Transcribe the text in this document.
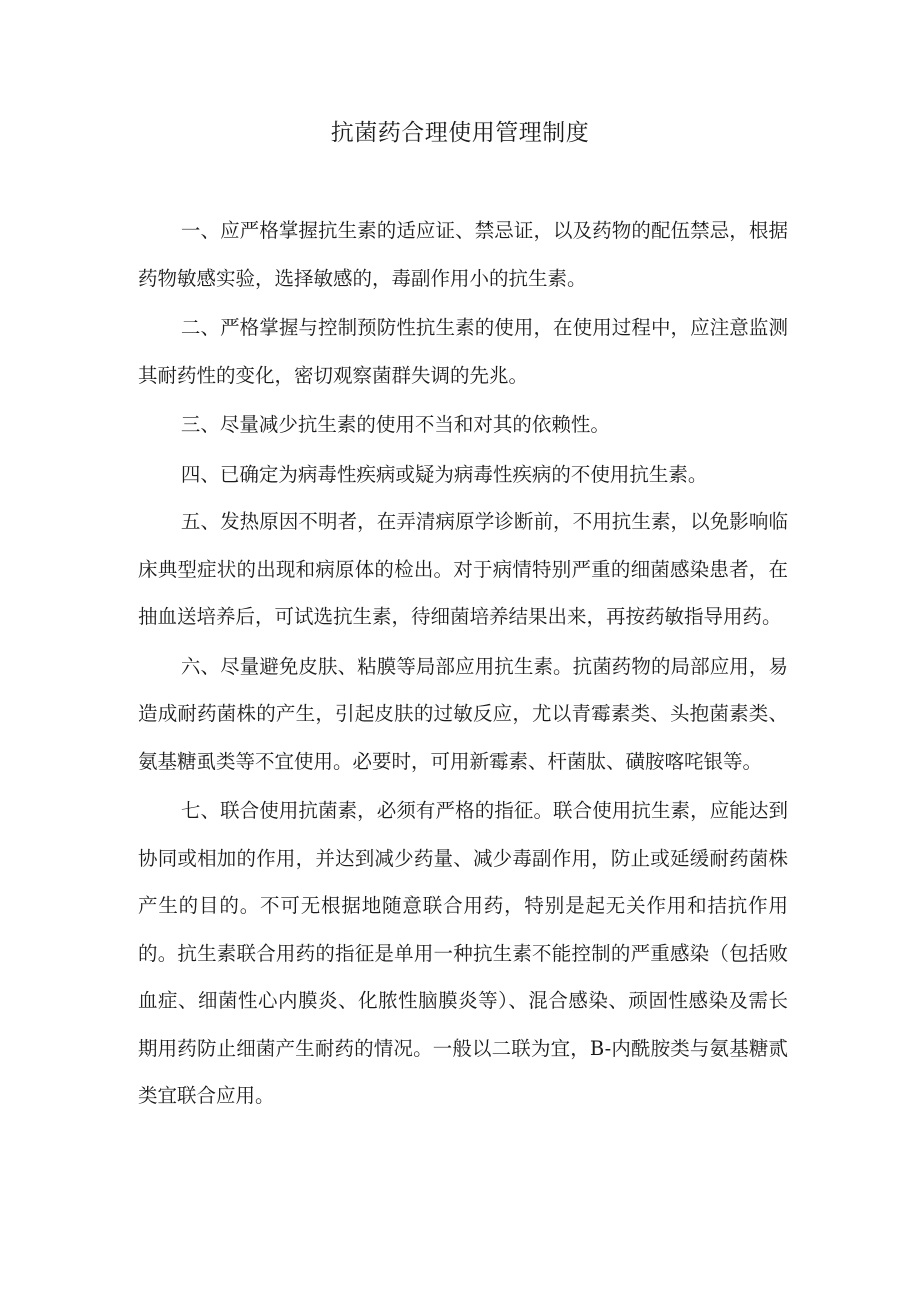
抗菌药合理使用管理制度

一、应严格掌握抗生素的适应证、禁忌证，以及药物的配伍禁忌，根据药物敏感实验，选择敏感的，毒副作用小的抗生素。

二、严格掌握与控制预防性抗生素的使用，在使用过程中，应注意监测其耐药性的变化，密切观察菌群失调的先兆。

三、尽量减少抗生素的使用不当和对其的依赖性。

四、已确定为病毒性疾病或疑为病毒性疾病的不使用抗生素。

五、发热原因不明者，在弄清病原学诊断前，不用抗生素，以免影响临床典型症状的出现和病原体的检出。对于病情特别严重的细菌感染患者，在抽血送培养后，可试选抗生素，待细菌培养结果出来，再按药敏指导用药。

六、尽量避免皮肤、粘膜等局部应用抗生素。抗菌药物的局部应用，易造成耐药菌株的产生，引起皮肤的过敏反应，尤以青霉素类、头抱菌素类、氨基糖虱类等不宜使用。必要时，可用新霉素、杆菌肽、磺胺喀咤银等。

七、联合使用抗菌素，必须有严格的指征。联合使用抗生素，应能达到协同或相加的作用，并达到减少药量、减少毒副作用，防止或延缓耐药菌株产生的目的。不可无根据地随意联合用药，特别是起无关作用和拮抗作用的。抗生素联合用药的指征是单用一种抗生素不能控制的严重感染（包括败血症、细菌性心内膜炎、化脓性脑膜炎等）、混合感染、顽固性感染及需长期用药防止细菌产生耐药的情况。一般以二联为宜，B-内酰胺类与氨基糖贰类宜联合应用。
